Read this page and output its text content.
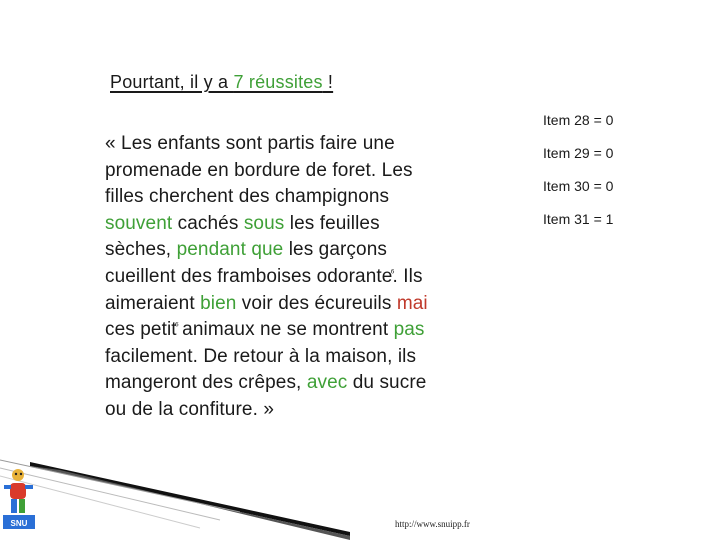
Pourtant, il y a 7 réussites !
Item 28 = 0
Item 29 = 0
Item 30 = 0
Item 31 = 1
« Les enfants sont partis faire une
promenade en bordure de foret. Les
filles cherchent des champignons
souvent cachés sous les feuilles
sèches, pendant que les garçons
cueillent des framboises odoranteⷠ. Ils
aimeraient bien voir des écureuils mai
ces petitⷠ animaux ne se montrent pas
facilement. De retour à la maison, ils
mangeront des crêpes, avec du sucre
ou de la confiture. »
SNU	http://www.snuipp.fr
